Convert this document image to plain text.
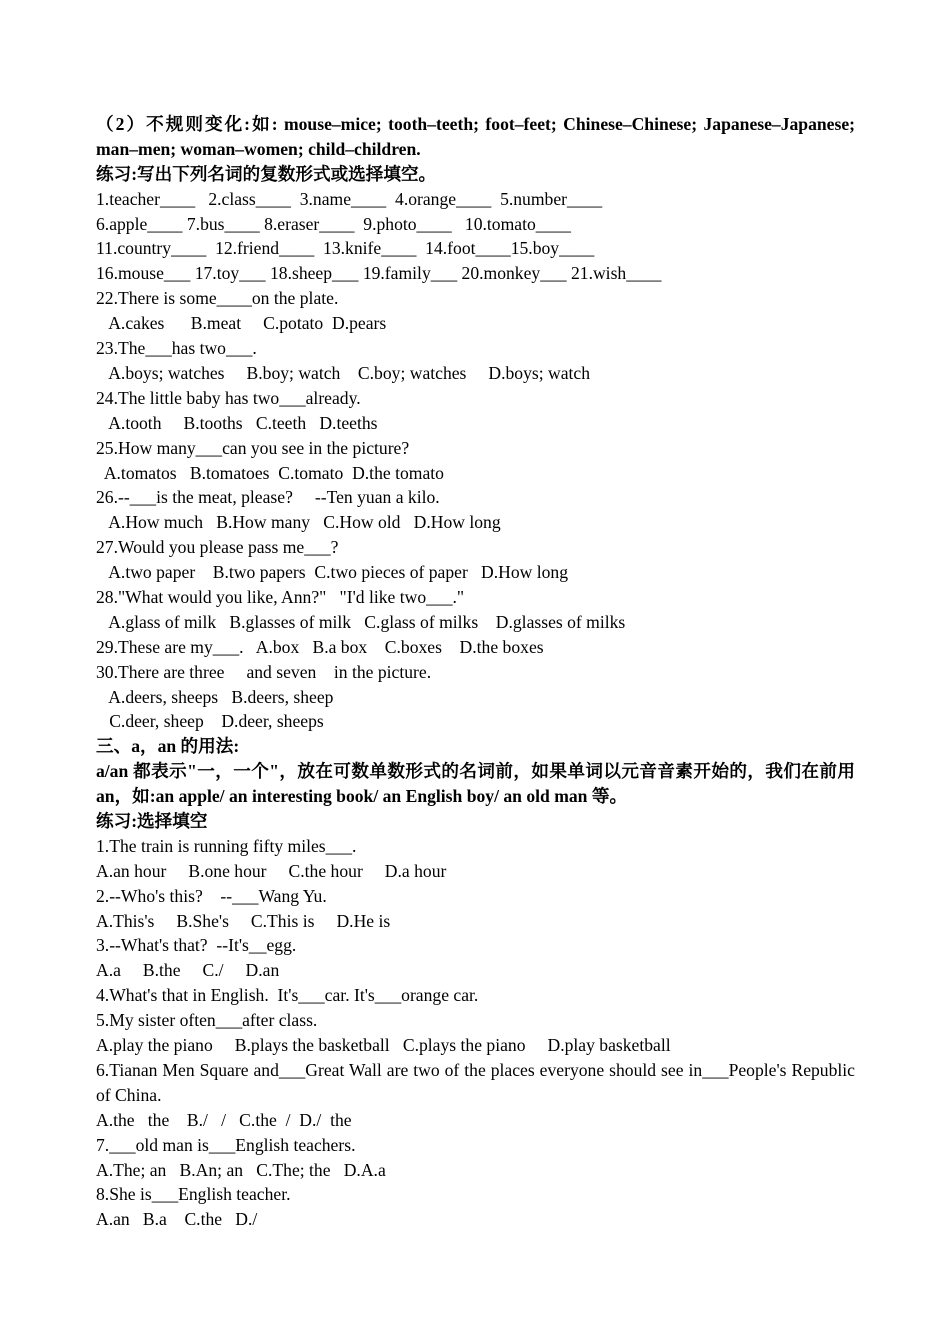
（2）不规则变化:如: mouse–mice; tooth–teeth; foot–feet; Chinese–Chinese; Japanese–Japanese; man–men; woman–women; child–children.
练习:写出下列名词的复数形式或选择填空。
1.teacher____   2.class____  3.name____  4.orange____  5.number____
6.apple____ 7.bus____ 8.eraser____  9.photo____   10.tomato____
11.country____  12.friend____  13.knife____  14.foot____15.boy____
16.mouse___ 17.toy___ 18.sheep___ 19.family___ 20.monkey___ 21.wish____
22.There is some____on the plate.
A.cakes      B.meat     C.potato  D.pears
23.The___has two___.
A.boys; watches     B.boy; watch    C.boy; watches     D.boys; watch
24.The little baby has two___already.
A.tooth     B.tooths   C.teeth   D.teeths
25.How many___can you see in the picture?
A.tomatos   B.tomatoes  C.tomato  D.the tomato
26.--___is the meat, please?     --Ten yuan a kilo.
A.How much   B.How many   C.How old   D.How long
27.Would you please pass me___?
A.two paper    B.two papers  C.two pieces of paper   D.How long
28."What would you like, Ann?"   "I'd like two___."
A.glass of milk   B.glasses of milk   C.glass of milks    D.glasses of milks
29.These are my___.   A.box   B.a box    C.boxes    D.the boxes
30.There are three     and seven    in the picture.
A.deers, sheeps   B.deers, sheep
C.deer, sheep    D.deer, sheeps
三、a，an 的用法:
a/an 都表示"一，一个"，放在可数单数形式的名词前，如果单词以元音音素开始的，我们在前用 an，如:an apple/ an interesting book/ an English boy/ an old man 等。
练习:选择填空
1.The train is running fifty miles___.
A.an hour     B.one hour     C.the hour     D.a hour
2.--Who's this?    --___Wang Yu.
A.This's     B.She's     C.This is     D.He is
3.--What's that?  --It's__egg.
A.a     B.the     C./     D.an
4.What's that in English.  It's___car. It's___orange car.
5.My sister often___after class.
A.play the piano     B.plays the basketball   C.plays the piano     D.play basketball
6.Tianan Men Square and___Great Wall are two of the places everyone should see in___People's Republic of China.
A.the   the    B./   /   C.the  /  D./  the
7.___old man is___English teachers.
A.The; an   B.An; an   C.The; the   D.A.a
8.She is___English teacher.
A.an   B.a    C.the   D./
